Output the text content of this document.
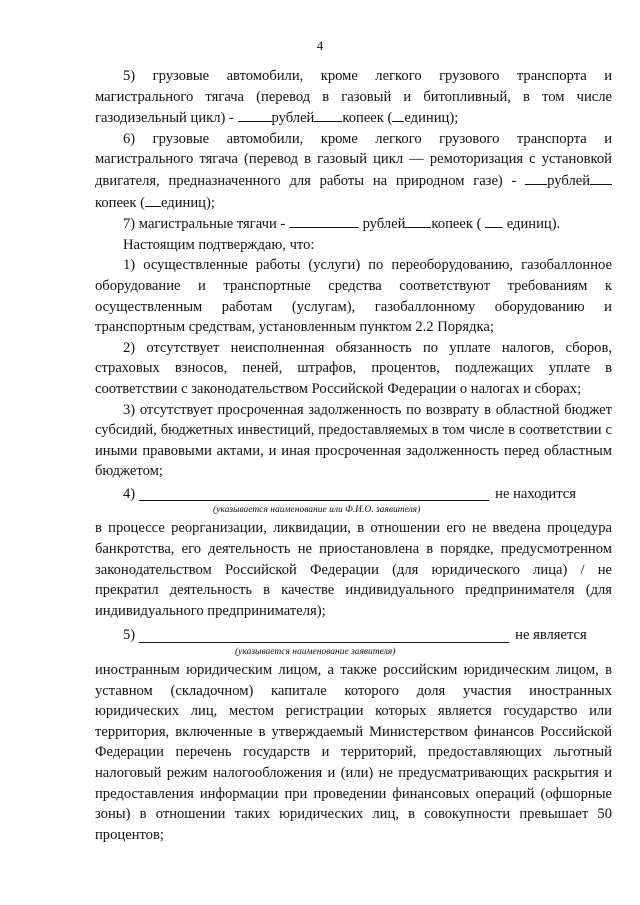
4

5) грузовые автомобили, кроме легкого грузового транспорта и магистрального тягача (перевод в газовый и битопливный, в том числе газодизельный цикл) -	рублей копеек ( единиц);

6) грузовые автомобили, кроме легкого грузового транспорта и магистрального тягача (перевод в газовый цикл — ремоторизация с установкой двигателя, предназначенного для работы на природном газе) - рублейкопеек ( единиц);

7) магистральные тягачи -	рублей копеек ( единиц).

Настоящим подтверждаю, что:

1) осуществленные работы (услуги) по переоборудованию, газобаллонное оборудование и транспортные средства соответствуют требованиям к осуществленным работам (услугам), газобаллонному оборудованию и транспортным средствам, установленным пунктом 2.2 Порядка;

2) отсутствует неисполненная обязанность по уплате налогов, сборов, страховых взносов, пеней, штрафов, процентов, подлежащих уплате в соответствии с законодательством Российской Федерации о налогах и сборах;

3) отсутствует просроченная задолженность по возврату в областной бюджет субсидий, бюджетных инвестиций, предоставляемых в том числе в соответствии с иными правовыми актами, и иная просроченная задолженность перед областным бюджетом;

4)	не находится
(указывается наименование или Ф.И.О. заявителя)

в процессе реорганизации, ликвидации, в отношении его не введена процедура банкротства, его деятельность не приостановлена в порядке, предусмотренном законодательством Российской Федерации (для юридического лица) / не прекратил деятельность в качестве индивидуального предпринимателя (для индивидуального предпринимателя);

5)	не является
(указывается наименование заявителя)

иностранным юридическим лицом, а также российским юридическим лицом, в уставном (складочном) капитале которого доля участия иностранных юридических лиц, местом регистрации которых является государство или территория, включенные в утверждаемый Министерством финансов Российской Федерации перечень государств и территорий, предоставляющих льготный налоговый режим налогообложения и (или) не предусматривающих раскрытия и предоставления информации при проведении финансовых операций (офшорные зоны) в отношении таких юридических лиц, в совокупности превышает 50 процентов;
